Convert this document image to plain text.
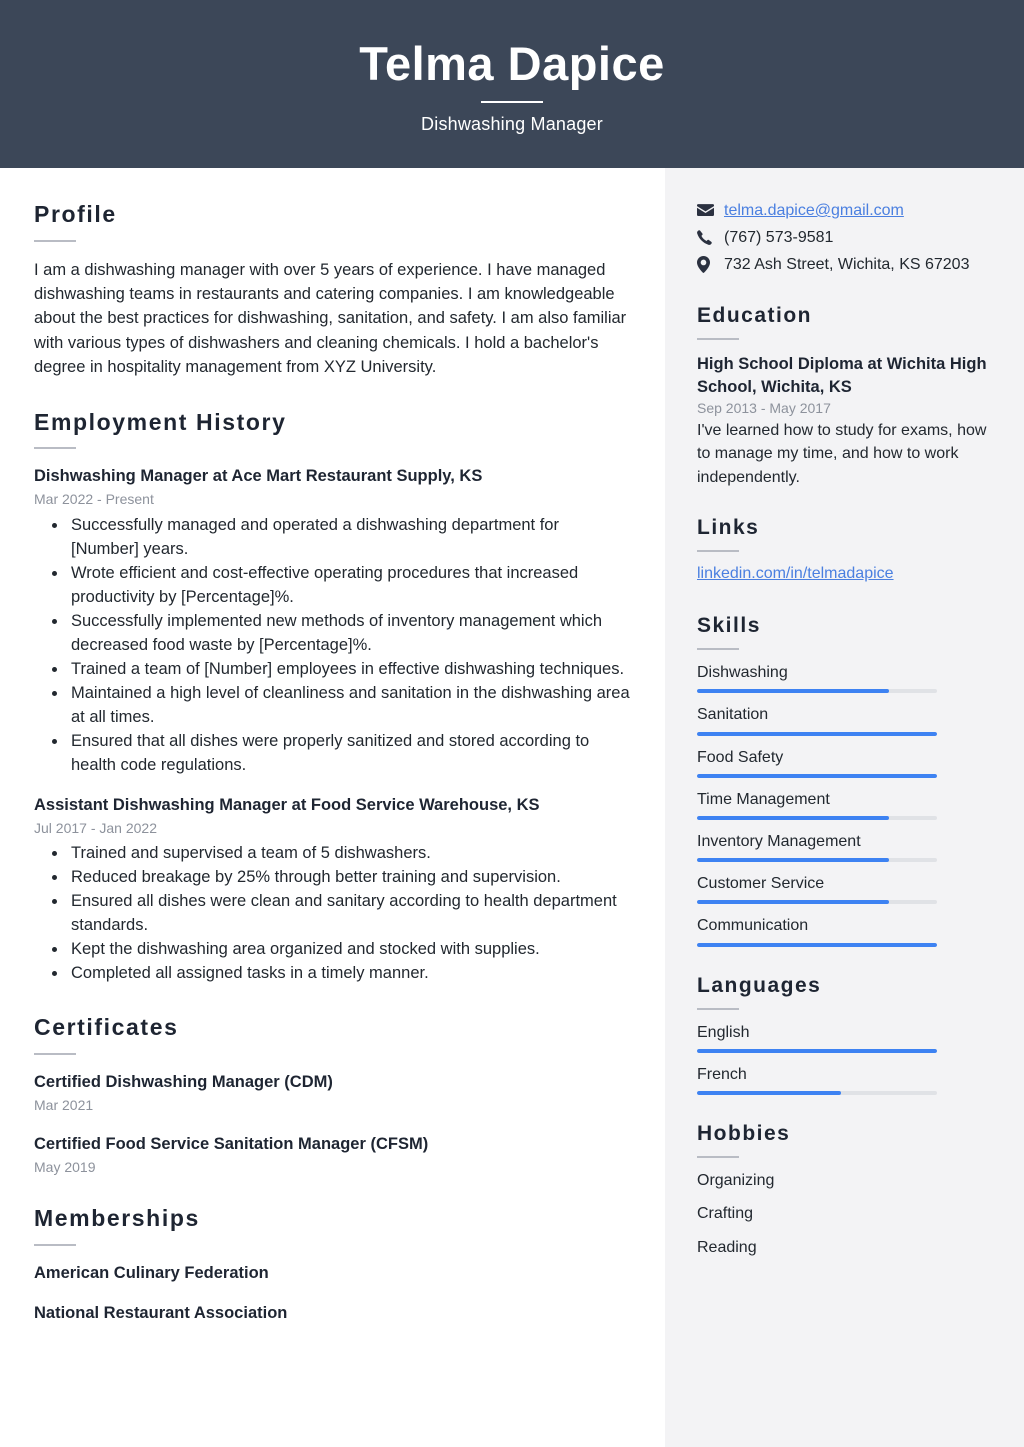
Telma Dapice
Dishwashing Manager
Profile

I am a dishwashing manager with over 5 years of experience. I have managed dishwashing teams in restaurants and catering companies. I am knowledgeable about the best practices for dishwashing, sanitation, and safety. I am also familiar with various types of dishwashers and cleaning chemicals. I hold a bachelor's degree in hospitality management from XYZ University.

Employment History
Dishwashing Manager at Ace Mart Restaurant Supply, KS
Mar 2022 - Present
• Successfully managed and operated a dishwashing department for [Number] years.
• Wrote efficient and cost-effective operating procedures that increased productivity by [Percentage]%.
• Successfully implemented new methods of inventory management which decreased food waste by [Percentage]%.
• Trained a team of [Number] employees in effective dishwashing techniques.
• Maintained a high level of cleanliness and sanitation in the dishwashing area at all times.
• Ensured that all dishes were properly sanitized and stored according to health code regulations.
Assistant Dishwashing Manager at Food Service Warehouse, KS
Jul 2017 - Jan 2022
• Trained and supervised a team of 5 dishwashers.
• Reduced breakage by 25% through better training and supervision.
• Ensured all dishes were clean and sanitary according to health department standards.
• Kept the dishwashing area organized and stocked with supplies.
• Completed all assigned tasks in a timely manner.
Certificates
Certified Dishwashing Manager (CDM)
Mar 2021
Certified Food Service Sanitation Manager (CFSM)
May 2019
Memberships
American Culinary Federation
National Restaurant Association
telma.dapice@gmail.com
(767) 573-9581
732 Ash Street, Wichita, KS 67203
Education
High School Diploma at Wichita High School, Wichita, KS
Sep 2013 - May 2017

I've learned how to study for exams, how to manage my time, and how to work independently.

Links
linkedin.com/in/telmadapice
Skills
Dishwashing
Sanitation
Food Safety
Time Management
Inventory Management
Customer Service
Communication
Languages
English
French
Hobbies
Organizing
Crafting
Reading
